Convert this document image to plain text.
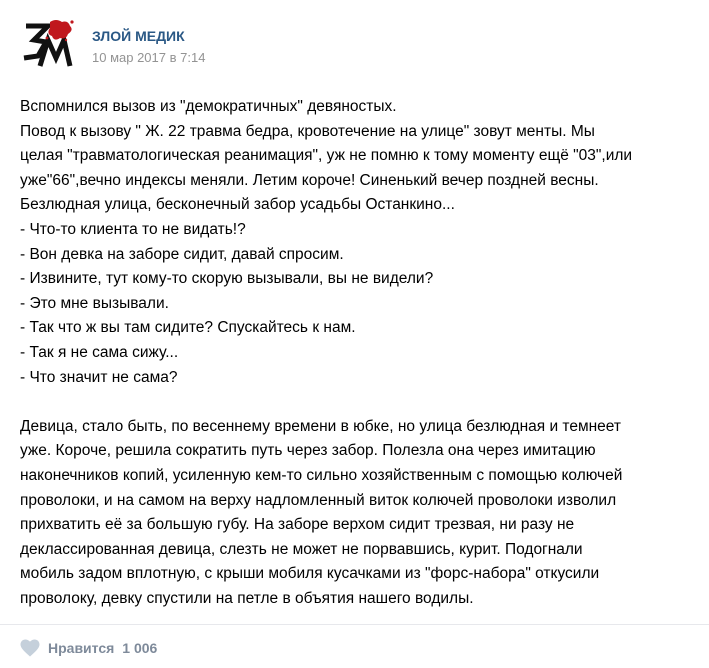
ЗЛОЙ МЕДИК
10 мар 2017 в 7:14
Вспомнился вызов из "демократичных" девяностых.
Повод к вызову " Ж. 22 травма бедра, кровотечение на улице" зовут менты. Мы
целая "травматологическая реанимация", уж не помню к тому моменту ещё "03",или
уже"66",вечно индексы меняли. Летим короче! Синенький вечер поздней весны.
Безлюдная улица, бесконечный забор усадьбы Останкино...
- Что-то клиента то не видать!?
- Вон девка на заборе сидит, давай спросим.
- Извините, тут кому-то скорую вызывали, вы не видели?
- Это мне вызывали.
- Так что ж вы там сидите? Спускайтесь к нам.
- Так я не сама сижу...
- Что значит не сама?
Девица, стало быть, по весеннему времени в юбке, но улица безлюдная и темнеет
уже. Короче, решила сократить путь через забор. Полезла она через имитацию
наконечников копий, усиленную кем-то сильно хозяйственным с помощью колючей
проволоки, и на самом на верху надломленный виток колючей проволоки изволил
прихватить её за большую губу. На заборе верхом сидит трезвая, ни разу не
деклассированная девица, слезть не может не порвавшись, курит. Подогнали
мобиль задом вплотную, с крыши мобиля кусачками из "форс-набора" откусили
проволоку, девку спустили на петле в объятия нашего водилы.
Нравится 1 006
